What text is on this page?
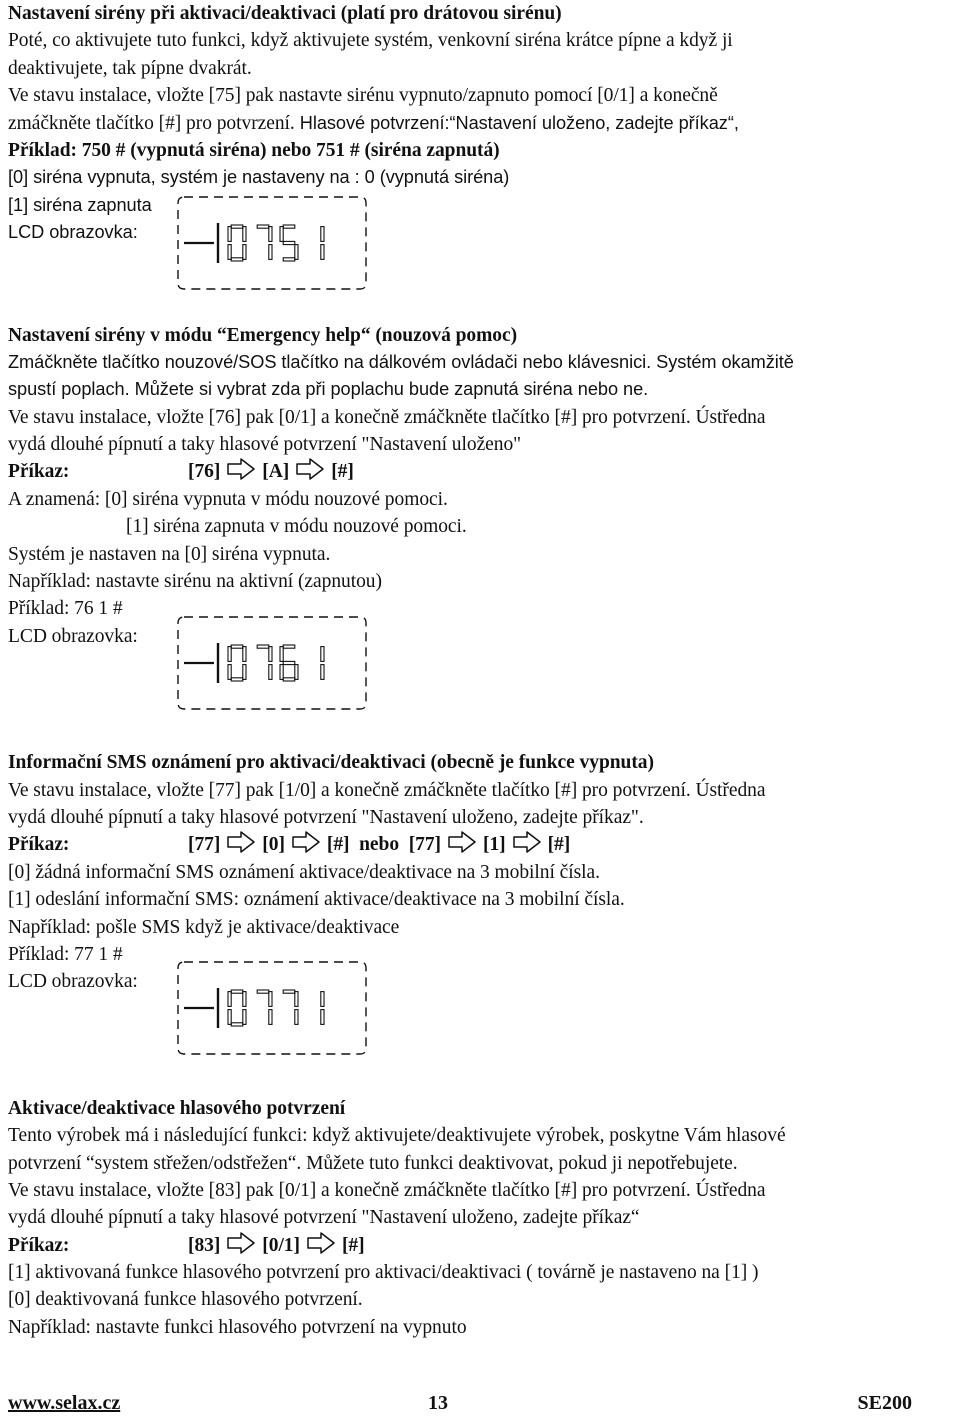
Nastavení sirény při aktivaci/deaktivaci (platí pro drátovou sirénu)
Poté, co aktivujete tuto funkci, když aktivujete systém, venkovní siréna krátce pípne a když ji
deaktivujete, tak pípne dvakrát.
Ve stavu instalace, vložte [75] pak nastavte sirénu vypnuto/zapnuto pomocí [0/1] a konečně
zmáčkněte tlačítko [#] pro potvrzení. Hlasové potvrzení:“Nastavení uloženo, zadejte příkaz“,
Příklad: 750 # (vypnutá siréna) nebo 751 # (siréna zapnutá)
[0] siréna vypnuta, systém je nastaveny na : 0 (vypnutá siréna)
[1] siréna zapnuta
LCD obrazovka:
Nastavení sirény v módu “Emergency help“ (nouzová pomoc)
Zmáčkněte tlačítko nouzové/SOS tlačítko na dálkovém ovládači nebo klávesnici. Systém okamžitě
spustí poplach. Můžete si vybrat zda při poplachu bude zapnutá siréna nebo ne.
Ve stavu instalace, vložte [76] pak [0/1] a konečně zmáčkněte tlačítko [#] pro potvrzení. Ústředna
vydá dlouhé pípnutí a taky hlasové potvrzení "Nastavení uloženo"
Příkaz:	[76] [A] [#]
A znamená: [0] siréna vypnuta v módu nouzové pomoci.
[1] siréna zapnuta v módu nouzové pomoci.
Systém je nastaven na [0] siréna vypnuta.
Například: nastavte sirénu na aktivní (zapnutou)
Příklad: 76 1 #
LCD obrazovka:
Informační SMS oznámení pro aktivaci/deaktivaci (obecně je funkce vypnuta)
Ve stavu instalace, vložte [77] pak [1/0] a konečně zmáčkněte tlačítko [#] pro potvrzení. Ústředna
vydá dlouhé pípnutí a taky hlasové potvrzení "Nastavení uloženo, zadejte příkaz".
Příkaz:	[77] [0] [#] nebo [77] [1] [#]
[0] žádná informační SMS oznámení aktivace/deaktivace na 3 mobilní čísla.
[1] odeslání informační SMS: oznámení aktivace/deaktivace na 3 mobilní čísla.
Například: pošle SMS když je aktivace/deaktivace
Příklad: 77 1 #
LCD obrazovka:
Aktivace/deaktivace hlasového potvrzení
Tento výrobek má i následující funkci: když aktivujete/deaktivujete výrobek, poskytne Vám hlasové
potvrzení “system střežen/odstřežen“. Můžete tuto funkci deaktivovat, pokud ji nepotřebujete.
Ve stavu instalace, vložte [83] pak [0/1] a konečně zmáčkněte tlačítko [#] pro potvrzení. Ústředna
vydá dlouhé pípnutí a taky hlasové potvrzení "Nastavení uloženo, zadejte příkaz“
Příkaz:	[83] [0/1] [#]
[1] aktivovaná funkce hlasového potvrzení pro aktivaci/deaktivaci ( továrně je nastaveno na [1] )
[0] deaktivovaná funkce hlasového potvrzení.
Například: nastavte funkci hlasového potvrzení na vypnuto
www.selax.cz	13	SE200
